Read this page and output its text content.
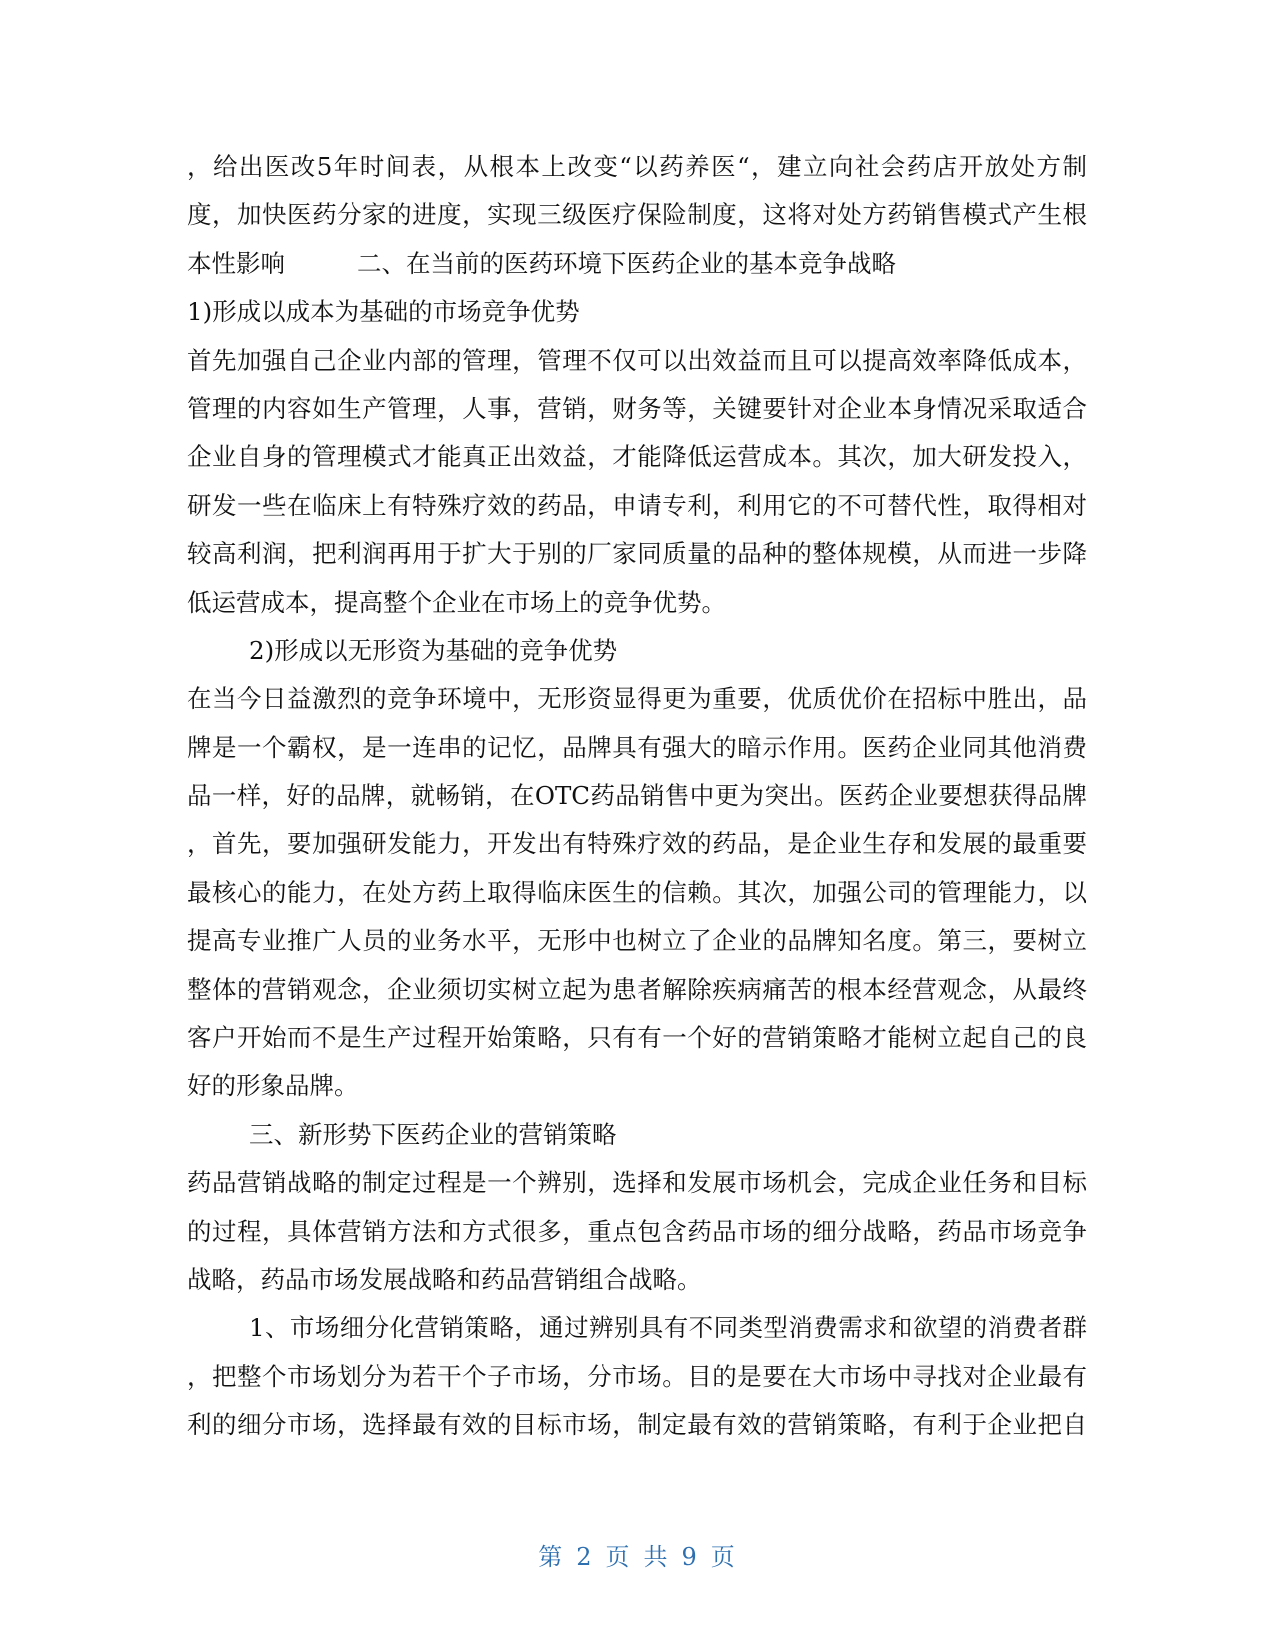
，给出医改5年时间表，从根本上改变“以药养医“，建立向社会药店开放处方制
度，加快医药分家的进度，实现三级医疗保险制度，这将对处方药销售模式产生根
本性影响	二、在当前的医药环境下医药企业的基本竞争战略
1)形成以成本为基础的市场竞争优势
首先加强自己企业内部的管理，管理不仅可以出效益而且可以提高效率降低成本，
管理的内容如生产管理，人事，营销，财务等，关键要针对企业本身情况采取适合
企业自身的管理模式才能真正出效益，才能降低运营成本。其次，加大研发投入，
研发一些在临床上有特殊疗效的药品，申请专利，利用它的不可替代性，取得相对
较高利润，把利润再用于扩大于别的厂家同质量的品种的整体规模，从而进一步降
低运营成本，提高整个企业在市场上的竞争优势。
2)形成以无形资为基础的竞争优势
在当今日益激烈的竞争环境中，无形资显得更为重要，优质优价在招标中胜出，品
牌是一个霸权，是一连串的记忆，品牌具有强大的暗示作用。医药企业同其他消费
品一样，好的品牌，就畅销，在OTC药品销售中更为突出。医药企业要想获得品牌
，首先，要加强研发能力，开发出有特殊疗效的药品，是企业生存和发展的最重要
最核心的能力，在处方药上取得临床医生的信赖。其次，加强公司的管理能力，以
提高专业推广人员的业务水平，无形中也树立了企业的品牌知名度。第三，要树立
整体的营销观念，企业须切实树立起为患者解除疾病痛苦的根本经营观念，从最终
客户开始而不是生产过程开始策略，只有有一个好的营销策略才能树立起自己的良
好的形象品牌。
三、新形势下医药企业的营销策略
药品营销战略的制定过程是一个辨别，选择和发展市场机会，完成企业任务和目标
的过程，具体营销方法和方式很多，重点包含药品市场的细分战略，药品市场竞争
战略，药品市场发展战略和药品营销组合战略。
1、市场细分化营销策略，通过辨别具有不同类型消费需求和欲望的消费者群
，把整个市场划分为若干个子市场，分市场。目的是要在大市场中寻找对企业最有
利的细分市场，选择最有效的目标市场，制定最有效的营销策略，有利于企业把自
第 2 页 共 9 页
